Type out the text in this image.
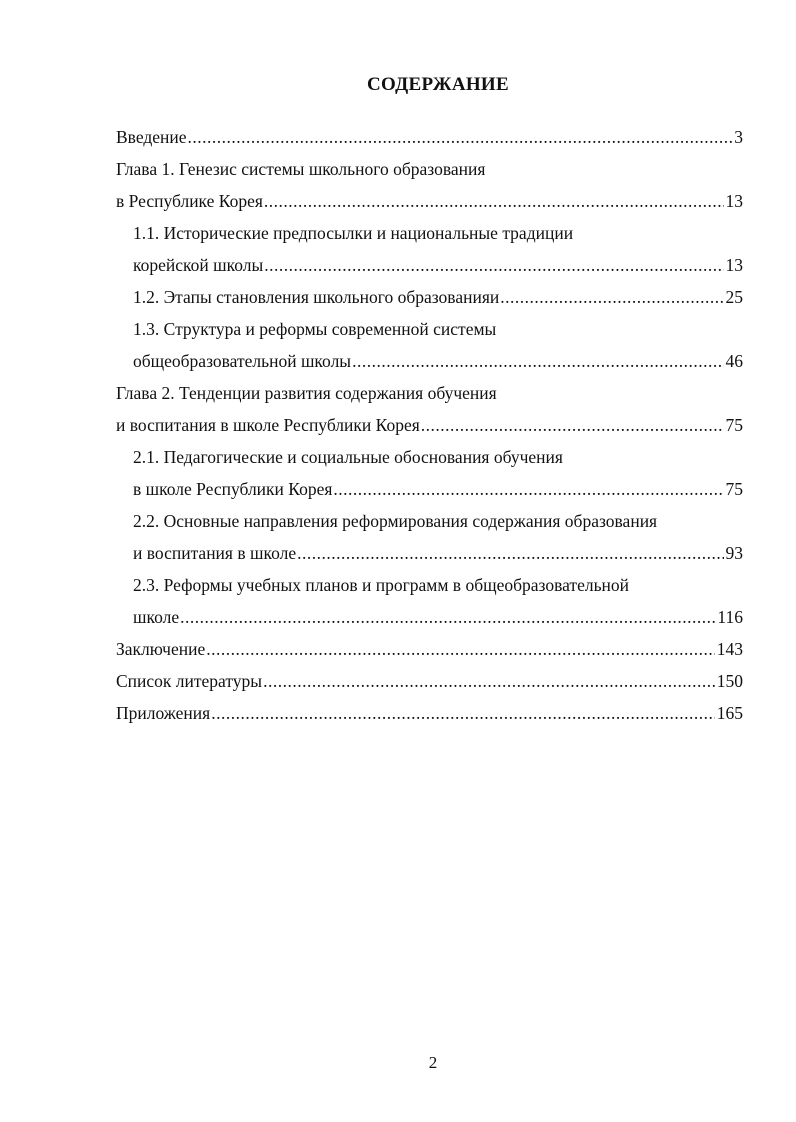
СОДЕРЖАНИЕ
Введение .....	3
Глава 1. Генезис системы школьного образования
в Республике Корея .....	13
1.1. Исторические предпосылки и национальные традиции
корейской школы .....	13
1.2. Этапы становления школьного образованияи .....	25
1.3. Структура и реформы современной системы
общеобразовательной школы .....	46
Глава 2. Тенденции развития содержания обучения
и воспитания в школе Республики Корея .....	75
2.1. Педагогические и социальные обоснования обучения
в школе Республики Корея .....	75
2.2. Основные направления реформирования содержания образования
и воспитания в школе .....	93
2.3. Реформы учебных планов и программ в общеобразовательной
школе .....	116
Заключение .....	143
Список литературы .....	150
Приложения .....	165
2
